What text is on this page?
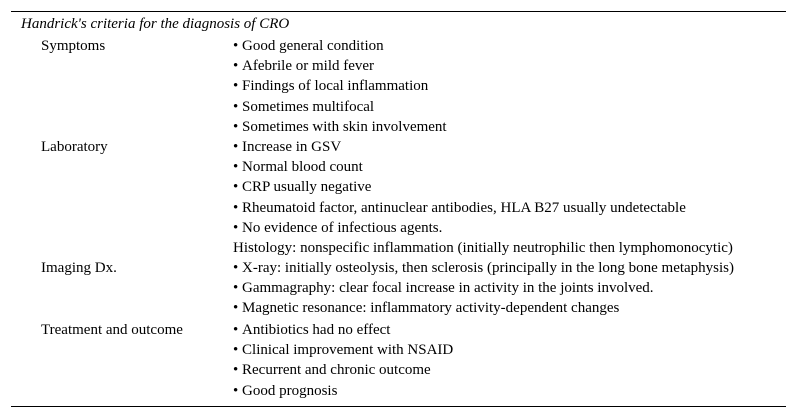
Handrick's criteria for the diagnosis of CRO
Symptoms	• Good general condition
• Afebrile or mild fever
• Findings of local inflammation
• Sometimes multifocal
• Sometimes with skin involvement
Laboratory	• Increase in GSV
• Normal blood count
• CRP usually negative
• Rheumatoid factor, antinuclear antibodies, HLA B27 usually undetectable
• No evidence of infectious agents.
Histology: nonspecific inflammation (initially neutrophilic then lymphomonocytic)
Imaging Dx.	• X-ray: initially osteolysis, then sclerosis (principally in the long bone metaphysis)
• Gammagraphy: clear focal increase in activity in the joints involved.
• Magnetic resonance: inflammatory activity-dependent changes
Treatment and outcome	• Antibiotics had no effect
• Clinical improvement with NSAID
• Recurrent and chronic outcome
• Good prognosis
